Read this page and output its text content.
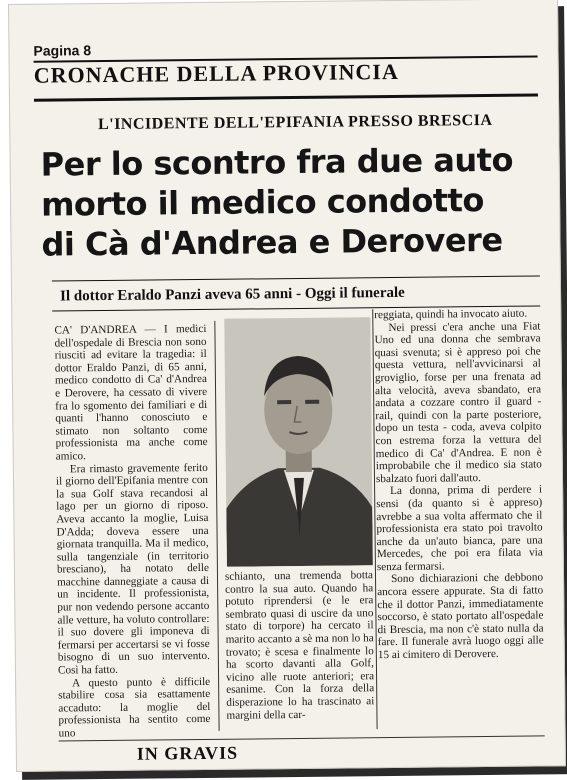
Pagina 8
CRONACHE DELLA PROVINCIA
L'INCIDENTE DELL'EPIFANIA PRESSO BRESCIA
Per lo scontro fra due auto
morto il medico condotto
di Cà d'Andrea e Derovere
Il dottor Eraldo Panzi aveva 65 anni - Oggi il funerale

CA' D'ANDREA — I medici dell'ospedale di Brescia non sono riusciti ad evitare la tragedia: il dottor Eraldo Panzi, di 65 anni, medico condotto di Ca' d'Andrea e Derovere, ha cessato di vivere fra lo sgomento dei familiari e di quanti l'hanno conosciuto e stimato non soltanto come professionista ma anche come amico.

Era rimasto gravemente ferito il giorno dell'Epifania mentre con la sua Golf stava recandosi al lago per un giorno di riposo. Aveva accanto la moglie, Luisa D'Adda; doveva essere una giornata tranquilla. Ma il medico, sulla tangenziale (in territorio bresciano), ha notato delle macchine danneggiate a causa di un incidente. Il professionista, pur non vedendo persone accanto alle vetture, ha voluto controllare: il suo dovere gli imponeva di fermarsi per accertarsi se vi fosse bisogno di un suo intervento. Così ha fatto.

A questo punto è difficile stabilire cosa sia esattamente accaduto: la moglie del professionista ha sentito come uno

schianto, una tremenda botta contro la sua auto. Quando ha potuto riprendersi (e le era sembrato quasi di uscire da uno stato di torpore) ha cercato il marito accanto a sè ma non lo ha trovato; è scesa e finalmente lo ha scorto davanti alla Golf, vicino alle ruote anteriori; era esanime. Con la forza della disperazione lo ha trascinato ai margini della car-

reggiata, quindi ha invocato aiuto.

Nei pressi c'era anche una Fiat Uno ed una donna che sembrava quasi svenuta; si è appreso poi che questa vettura, nell'avvicinarsi al groviglio, forse per una frenata ad alta velocità, aveva sbandato, era andata a cozzare contro il guard - rail, quindi con la parte posteriore, dopo un testa - coda, aveva colpito con estrema forza la vettura del medico di Ca' d'Andrea. E non è improbabile che il medico sia stato sbalzato fuori dall'auto.

La donna, prima di perdere i sensi (da quanto si è appreso) avrebbe a sua volta affermato che il professionista era stato poi travolto anche da un'auto bianca, pare una Mercedes, che poi era filata via senza fermarsi.

Sono dichiarazioni che debbono ancora essere appurate. Sta di fatto che il dottor Panzi, immediatamente soccorso, è stato portato all'ospedale di Brescia, ma non c'è stato nulla da fare. Il funerale avrà luogo oggi alle 15 ai cimitero di Derovere.

IN GRAVIS
